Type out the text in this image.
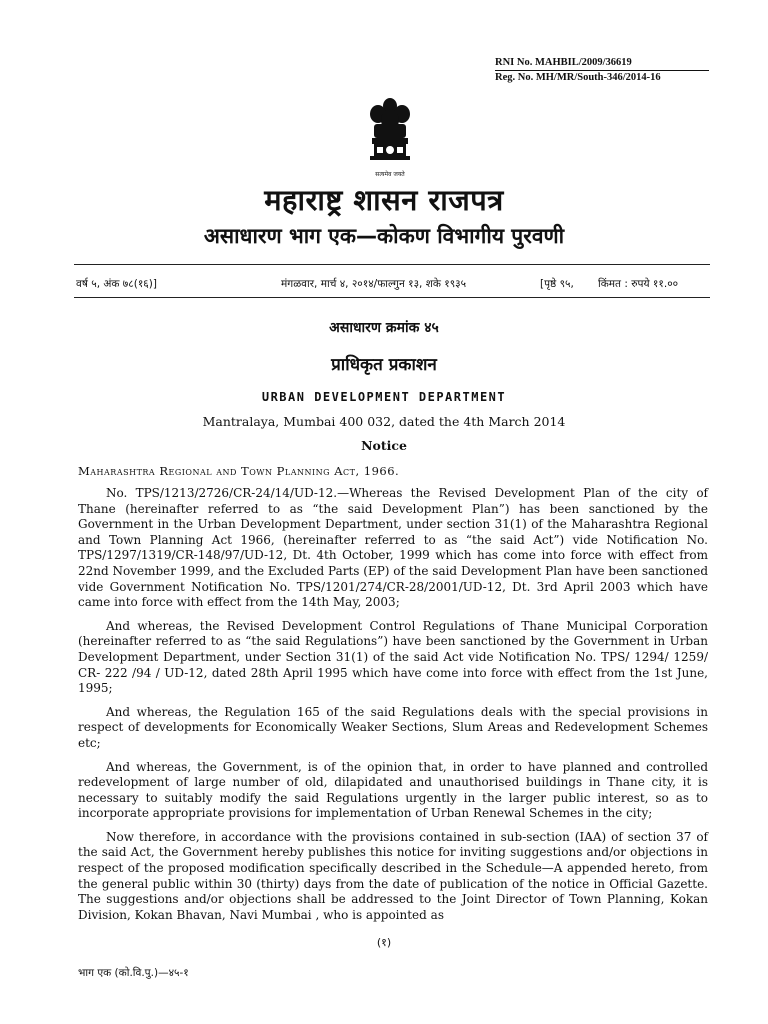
RNI No. MAHBIL/2009/36619
Reg. No. MH/MR/South-346/2014-16
सत्यमेव जयते
महाराष्ट्र शासन राजपत्र
असाधारण भाग एक—कोकण विभागीय पुरवणी
वर्ष ५, अंक ७८(१६)]	मंगळवार, मार्च ४, २०१४/फाल्गुन १३, शके १९३५	[पृष्ठे ९५, किंमत : रुपये ११.००
असाधारण क्रमांक ४५
प्राधिकृत प्रकाशन
URBAN DEVELOPMENT DEPARTMENT
Mantralaya, Mumbai 400 032, dated the 4th March 2014
Notice
Maharashtra Regional and Town Planning Act, 1966.

No. TPS/1213/2726/CR-24/14/UD-12.—Whereas the Revised Development Plan of the city of Thane (hereinafter referred to as “the said Development Plan”) has been sanctioned by the Government in the Urban Development Department, under section 31(1) of the Maharashtra Regional and Town Planning Act 1966, (hereinafter referred to as “the said Act”) vide Notification No. TPS/1297/1319/CR-148/97/UD-12, Dt. 4th October, 1999 which has come into force with effect from 22nd November 1999, and the Excluded Parts (EP) of the said Development Plan have been sanctioned vide Government Notification No. TPS/1201/274/CR-28/2001/UD-12, Dt. 3rd April 2003 which have came into force with effect from the 14th May, 2003;

And whereas, the Revised Development Control Regulations of Thane Municipal Corporation (hereinafter referred to as “the said Regulations”) have been sanctioned by the Government in Urban Development Department, under Section 31(1) of the said Act vide Notification No. TPS/ 1294/ 1259/ CR- 222 /94 / UD-12, dated 28th April 1995 which have come into force with effect from the 1st June, 1995;

And whereas, the Regulation 165 of the said Regulations deals with the special provisions in respect of developments for Economically Weaker Sections, Slum Areas and Redevelopment Schemes etc;

And whereas, the Government, is of the opinion that, in order to have planned and controlled redevelopment of large number of old, dilapidated and unauthorised buildings in Thane city, it is necessary to suitably modify the said Regulations urgently in the larger public interest, so as to incorporate appropriate provisions for implementation of Urban Renewal Schemes in the city;

Now therefore, in accordance with the provisions contained in sub-section (IAA) of section 37 of the said Act, the Government hereby publishes this notice for inviting suggestions and/or objections in respect of the proposed modification specifically described in the Schedule—A appended hereto, from the general public within 30 (thirty) days from the date of publication of the notice in Official Gazette. The suggestions and/or objections shall be addressed to the Joint Director of Town Planning, Kokan Division, Kokan Bhavan, Navi Mumbai , who is appointed as

(१)
भाग एक (को.वि.पु.)—४५-१
